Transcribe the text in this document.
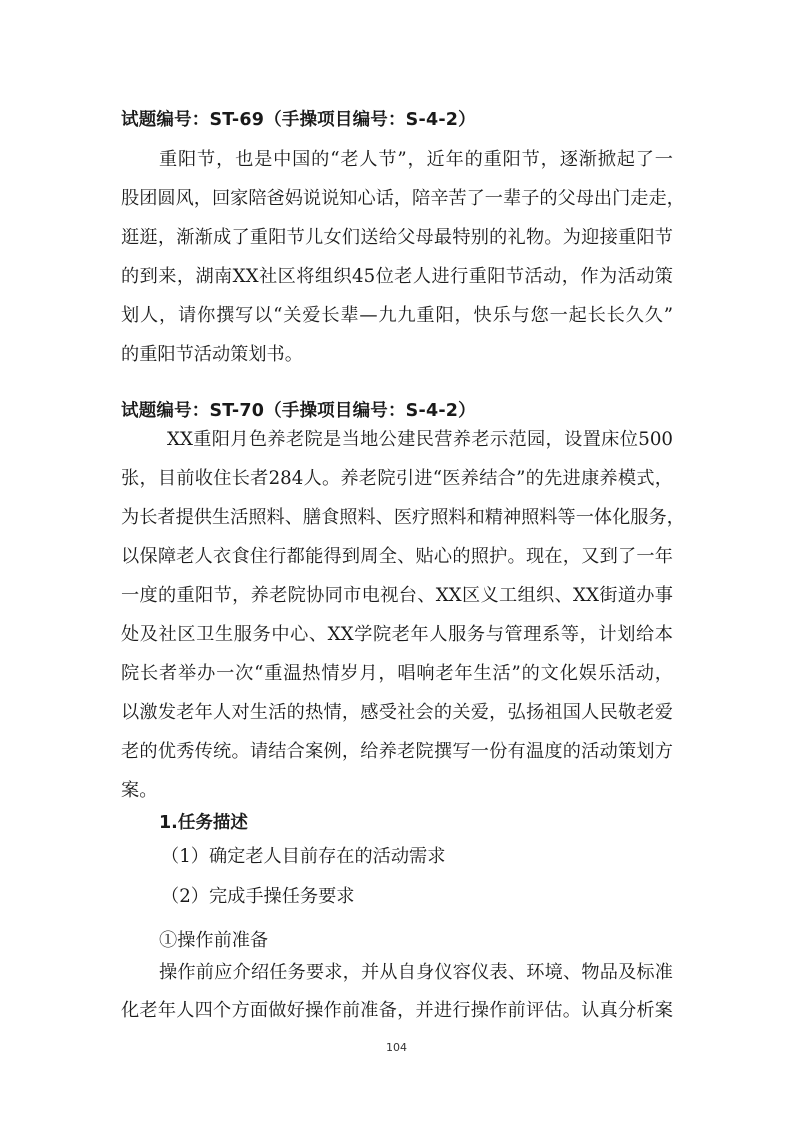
试题编号：ST-69（手操项目编号：S-4-2）
重阳节，也是中国的“老人节”，近年的重阳节，逐渐掀起了一
股团圆风，回家陪爸妈说说知心话，陪辛苦了一辈子的父母出门走走，
逛逛，渐渐成了重阳节儿女们送给父母最特别的礼物。为迎接重阳节
的到来，湖南XX社区将组织45位老人进行重阳节活动，作为活动策
划人，请你撰写以“关爱长辈—九九重阳，快乐与您一起长长久久”
的重阳节活动策划书。
试题编号：ST-70（手操项目编号：S-4-2）
XX重阳月色养老院是当地公建民营养老示范园，设置床位500
张，目前收住长者284人。养老院引进“医养结合”的先进康养模式，
为长者提供生活照料、膳食照料、医疗照料和精神照料等一体化服务，
以保障老人衣食住行都能得到周全、贴心的照护。现在，又到了一年
一度的重阳节，养老院协同市电视台、XX区义工组织、XX街道办事
处及社区卫生服务中心、XX学院老年人服务与管理系等，计划给本
院长者举办一次“重温热情岁月，唱响老年生活”的文化娱乐活动，
以激发老年人对生活的热情，感受社会的关爱，弘扬祖国人民敬老爱
老的优秀传统。请结合案例，给养老院撰写一份有温度的活动策划方
案。
1.任务描述
（1）确定老人目前存在的活动需求
（2）完成手操任务要求
①操作前准备
操作前应介绍任务要求，并从自身仪容仪表、环境、物品及标准
化老年人四个方面做好操作前准备，并进行操作前评估。认真分析案
104
